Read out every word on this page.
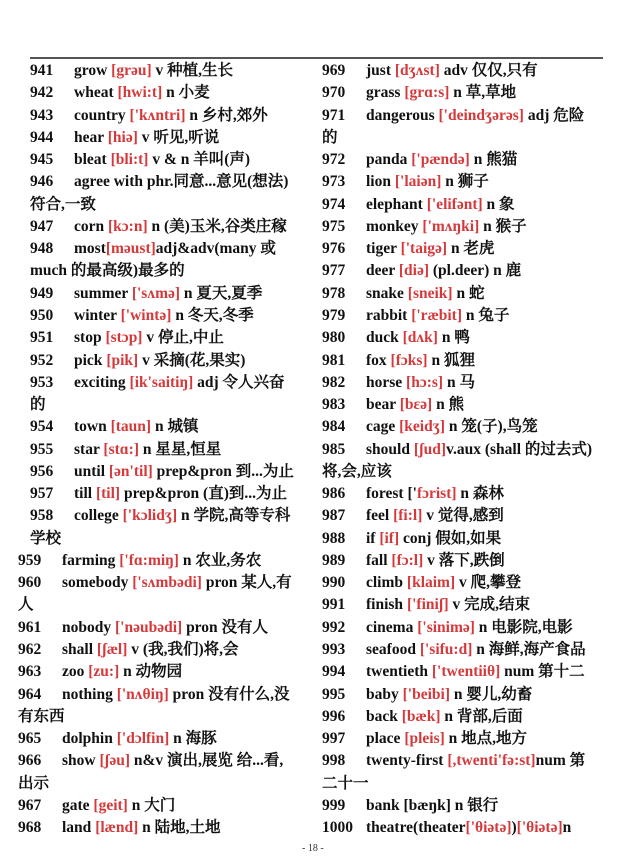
941 grow [grəu] v 种植,生长
942 wheat [hwi:t] n 小麦
943 country ['kʌntri] n 乡村,郊外
944 hear [hiə] v 听见,听说
945 bleat [bli:t] v & n 羊叫(声)
946 agree with phr.同意...意见(想法)
符合,一致
947 corn [kɔ:n] n (美)玉米,谷类庄稼
948 most[məust]adj&adv(many 或
much 的最高级)最多的
949 summer ['sʌmə] n 夏天,夏季
950 winter ['wintə] n 冬天,冬季
951 stop [stɔp] v 停止,中止
952 pick [pik] v 采摘(花,果实)
953 exciting [ik'saitiŋ] adj 令人兴奋
的
954 town [taun] n 城镇
955 star [stɑ:] n 星星,恒星
956 until [ən'til] prep&pron 到...为止
957 till [til] prep&pron (直)到...为止
958 college ['kɔlidʒ] n 学院,高等专科
学校
959 farming ['fɑ:miŋ] n 农业,务农
960 somebody ['sʌmbədi] pron 某人,有
人
961 nobody ['nəubədi] pron 没有人
962 shall [ʃæl] v (我,我们)将,会
963 zoo [zu:] n 动物园
964 nothing ['nʌθiŋ] pron 没有什么,没
有东西
965 dolphin ['dɔlfin] n 海豚
966 show [ʃəu] n&v 演出,展览 给...看,
出示
967 gate [geit] n 大门
968 land [lænd] n 陆地,土地
969 just [dʒʌst] adv 仅仅,只有
970 grass [grɑ:s] n 草,草地
971 dangerous ['deindʒərəs] adj 危险
的
972 panda ['pændə] n 熊猫
973 lion ['laiən] n 狮子
974 elephant ['elifənt] n 象
975 monkey ['mʌŋki] n 猴子
976 tiger ['taigə] n 老虎
977 deer [diə] (pl.deer) n 鹿
978 snake [sneik] n 蛇
979 rabbit ['ræbit] n 兔子
980 duck [dʌk] n 鸭
981 fox [fɔks] n 狐狸
982 horse [hɔ:s] n 马
983 bear [bεə] n 熊
984 cage [keidʒ] n 笼(子),鸟笼
985 should [ʃud]v.aux (shall 的过去式)
将,会,应该
986 forest ['fɔrist] n 森林
987 feel [fi:l] v 觉得,感到
988 if [if] conj 假如,如果
989 fall [fɔ:l] v 落下,跌倒
990 climb [klaim] v 爬,攀登
991 finish ['finiʃ] v 完成,结束
992 cinema ['sinimə] n 电影院,电影
993 seafood ['sifu:d] n 海鲜,海产食品
994 twentieth ['twentiiθ] num 第十二
995 baby ['beibi] n 婴儿,幼畜
996 back [bæk] n 背部,后面
997 place [pleis] n 地点,地方
998 twenty-first [,twenti'fə:st]num 第
二十一
999 bank [bæŋk] n 银行
1000 theatre(theater['θiətə])['θiətə]n
- 18 -
